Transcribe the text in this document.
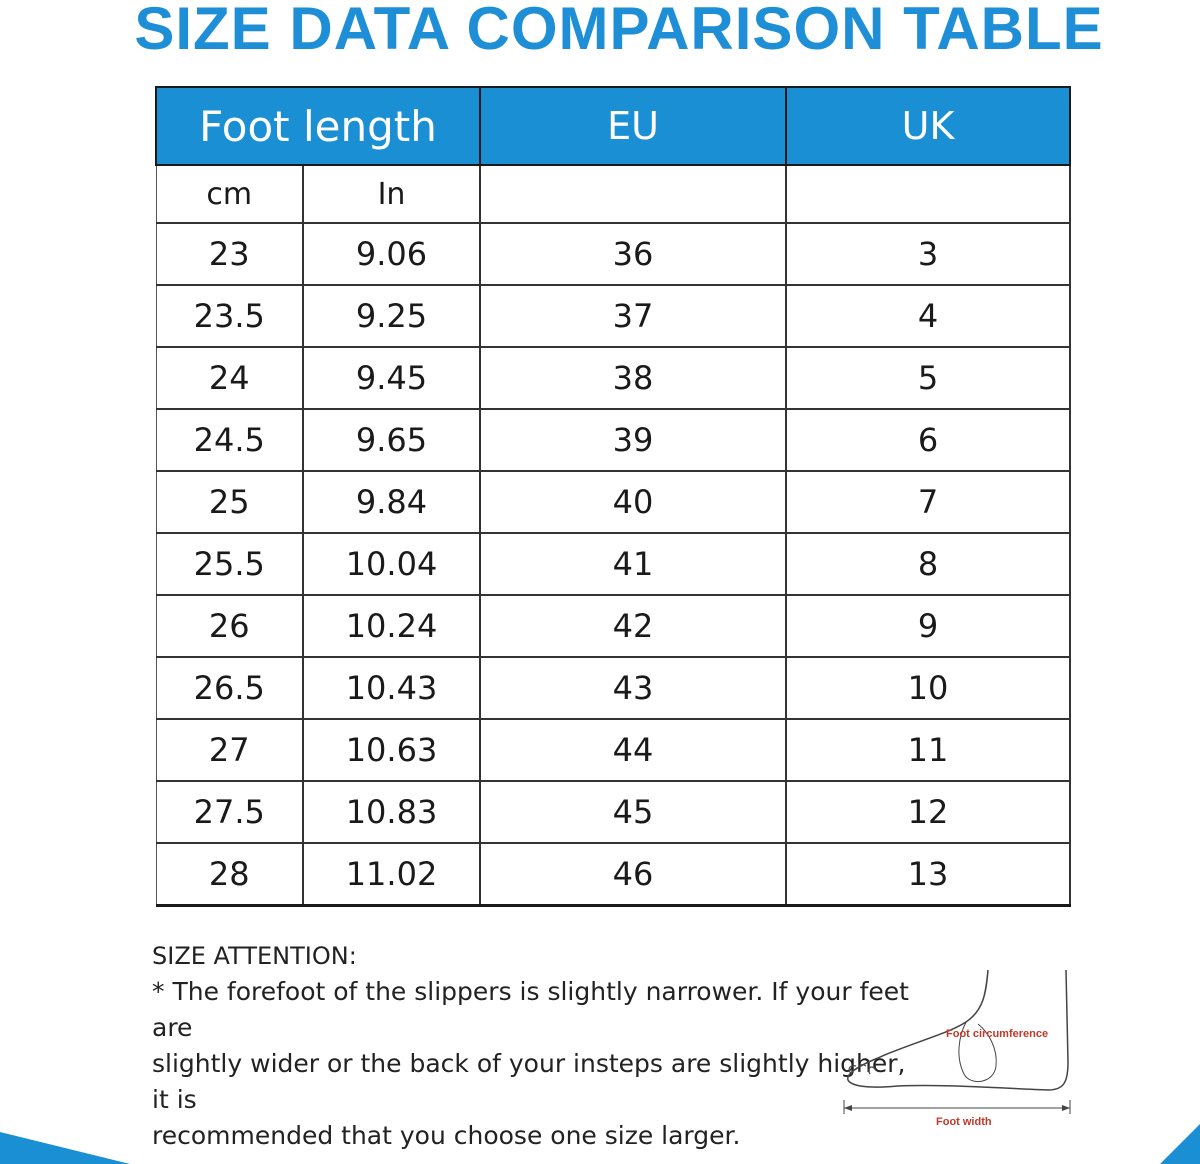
SIZE DATA COMPARISON TABLE
Foot length		EU	UK
cm	In		
23	9.06	36	3
23.5	9.25	37	4
24	9.45	38	5
24.5	9.65	39	6
25	9.84	40	7
25.5	10.04	41	8
26	10.24	42	9
26.5	10.43	43	10
27	10.63	44	11
27.5	10.83	45	12
28	11.02	46	13
SIZE ATTENTION:
* The forefoot of the slippers is slightly narrower. If your feet are
slightly wider or the back of your insteps are slightly higher, it is
recommended that you choose one size larger.
Foot circumference
Foot width
